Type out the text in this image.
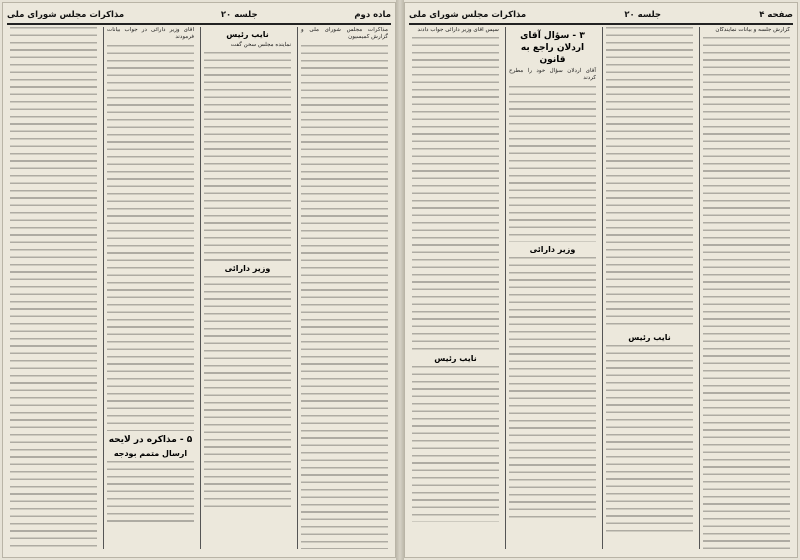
ماده دوم
جلسه ۲۰
مذاکرات مجلس شورای ملی

مذاکرات مجلس شورای ملی و گزارش کمیسیون

نایب رئیس

نماینده مجلس سخن گفت

وزیر دارائی

آقای وزیر دارائی در جواب بیانات فرمودند

۵ - مذاکره در لایحه
ارسال متمم بودجه
صفحه ۴
جلسه ۲۰
مذاکرات مجلس شورای ملی

گزارش جلسه و بیانات نمایندگان

نایب رئیس
۳ - سؤال آقای اردلان راجع به قانون

آقای اردلان سؤال خود را مطرح کردند

وزیر دارائی

سپس آقای وزیر دارائی جواب دادند

نایب رئیس
